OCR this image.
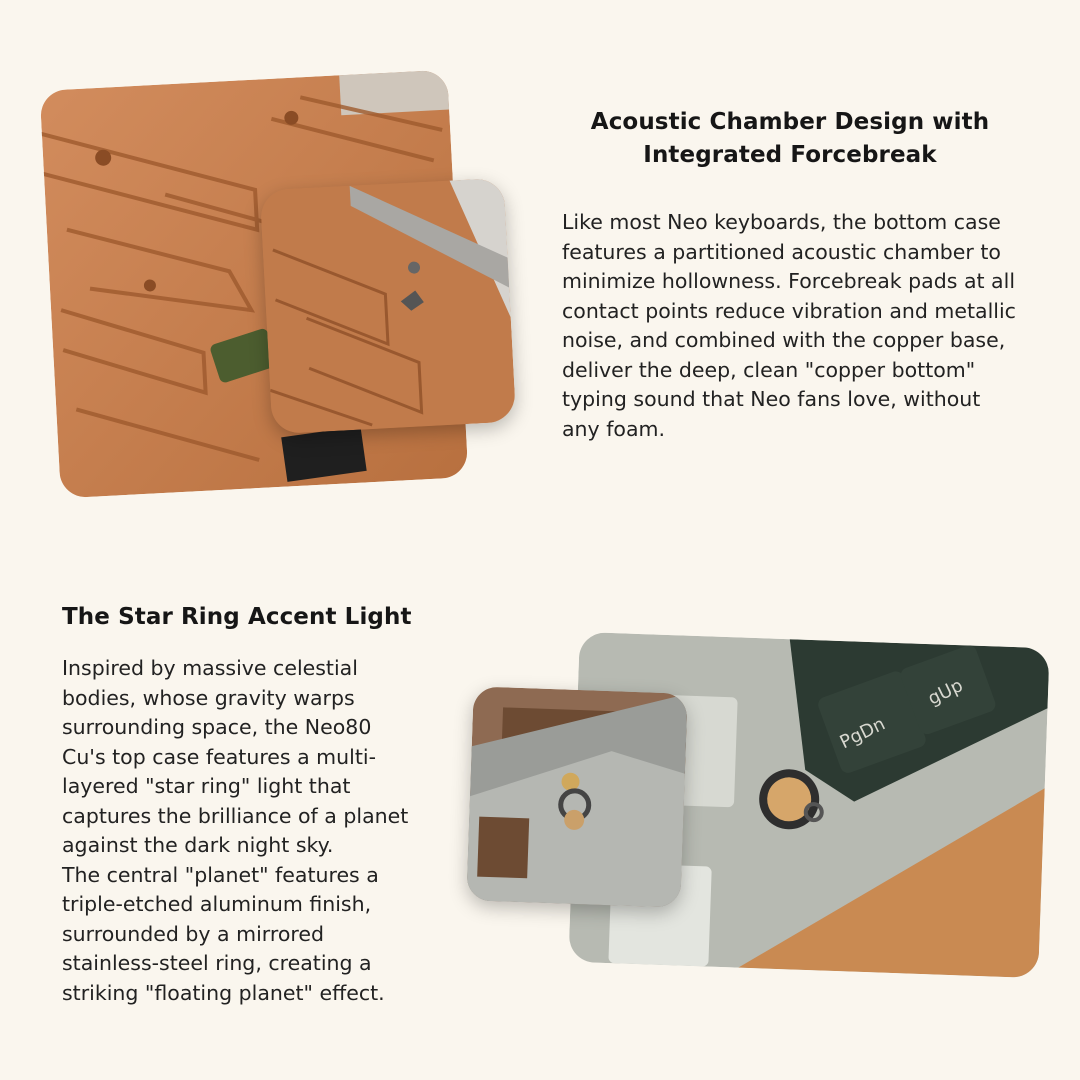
Acoustic Chamber Design with
Integrated Forcebreak

Like most Neo keyboards, the bottom case
features a partitioned acoustic chamber to
minimize hollowness. Forcebreak pads at all
contact points reduce vibration and metallic
noise, and combined with the copper base,
deliver the deep, clean "copper bottom"
typing sound that Neo fans love, without
any foam.

The Star Ring Accent Light

Inspired by massive celestial
bodies, whose gravity warps
surrounding space, the Neo80
Cu's top case features a multi-
layered "star ring" light that
captures the brilliance of a planet
against the dark night sky.
The central "planet" features a
triple-etched aluminum finish,
surrounded by a mirrored
stainless-steel ring, creating a
striking "floating planet" effect.

PgDn
gUp
